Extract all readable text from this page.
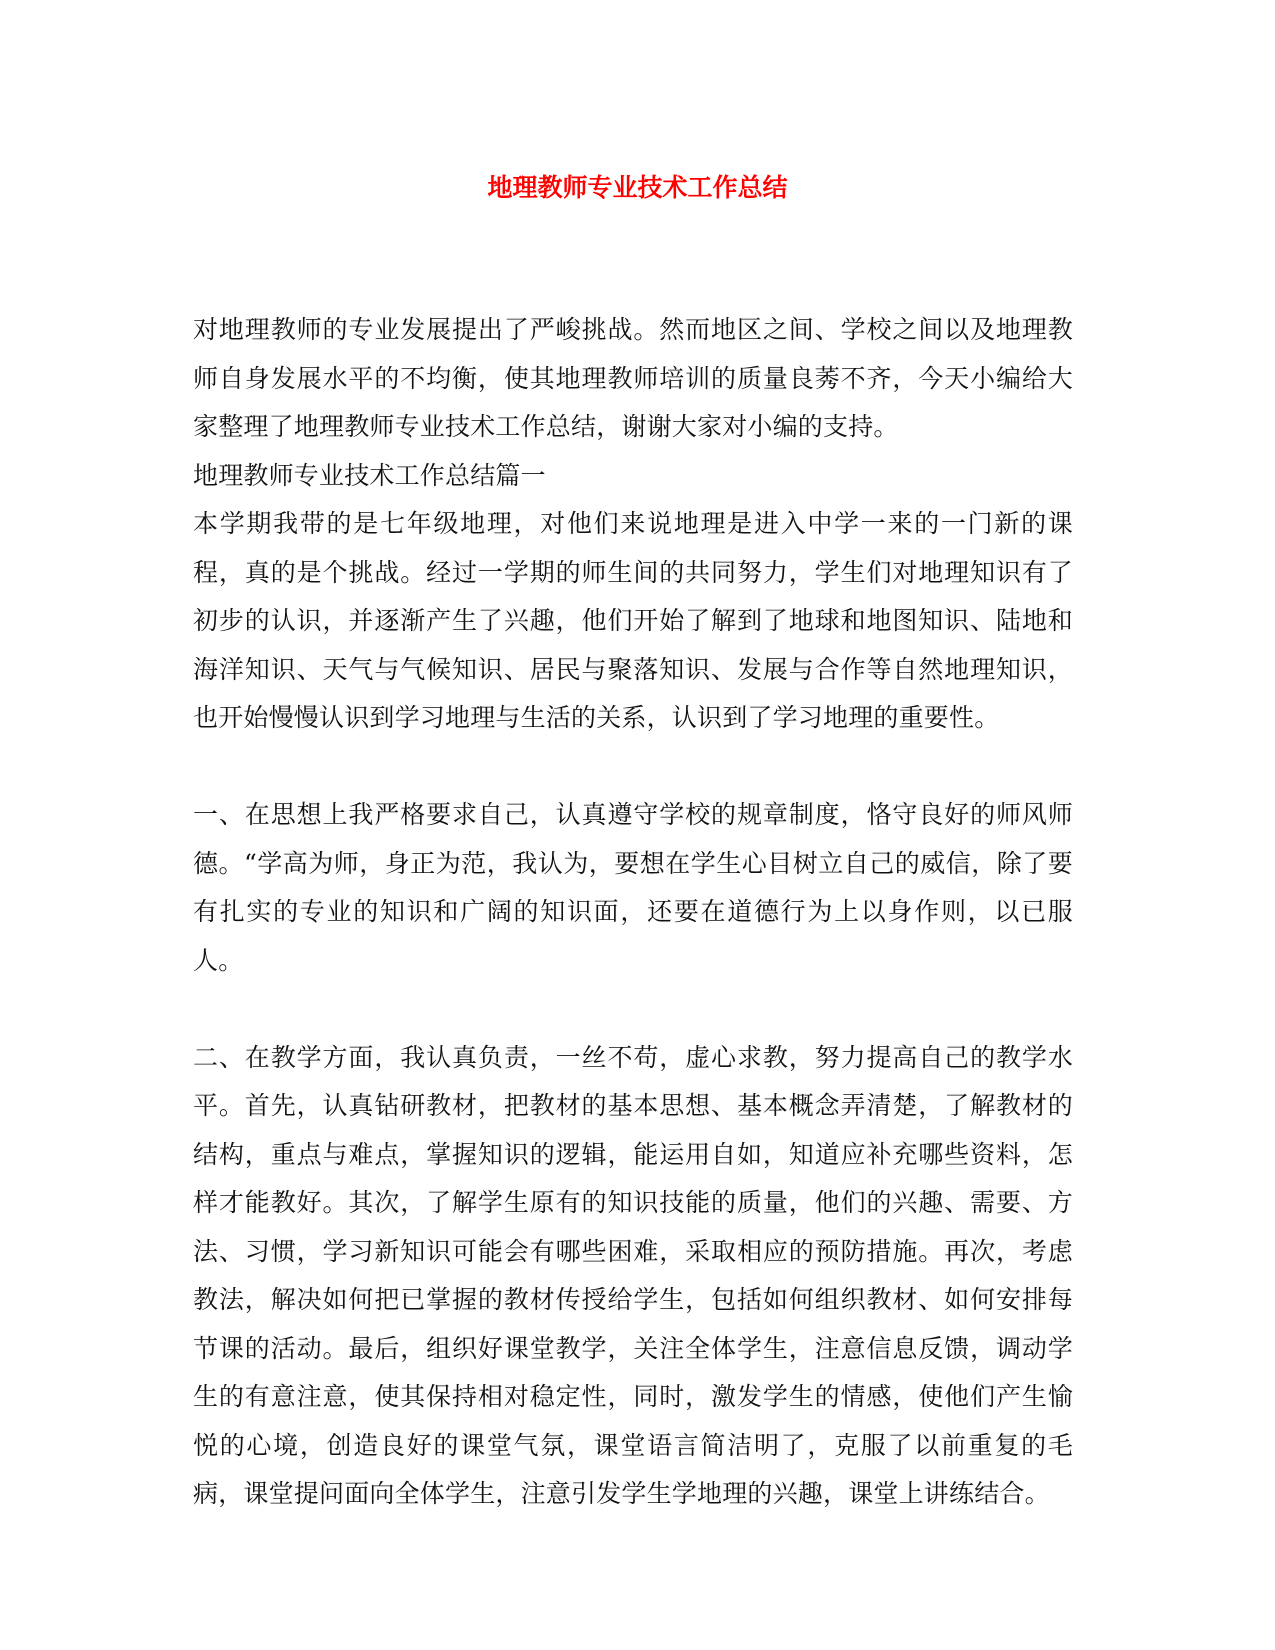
地理教师专业技术工作总结

对地理教师的专业发展提出了严峻挑战。然而地区之间、学校之间以及地理教师自身发展水平的不均衡，使其地理教师培训的质量良莠不齐，今天小编给大家整理了地理教师专业技术工作总结，谢谢大家对小编的支持。

地理教师专业技术工作总结篇一

本学期我带的是七年级地理，对他们来说地理是进入中学一来的一门新的课程，真的是个挑战。经过一学期的师生间的共同努力，学生们对地理知识有了初步的认识，并逐渐产生了兴趣，他们开始了解到了地球和地图知识、陆地和海洋知识、天气与气候知识、居民与聚落知识、发展与合作等自然地理知识，也开始慢慢认识到学习地理与生活的关系，认识到了学习地理的重要性。

一、在思想上我严格要求自己，认真遵守学校的规章制度，恪守良好的师风师德。“学高为师，身正为范，我认为，要想在学生心目树立自己的威信，除了要有扎实的专业的知识和广阔的知识面，还要在道德行为上以身作则，以已服人。

二、在教学方面，我认真负责，一丝不苟，虚心求教，努力提高自己的教学水平。首先，认真钻研教材，把教材的基本思想、基本概念弄清楚，了解教材的结构，重点与难点，掌握知识的逻辑，能运用自如，知道应补充哪些资料，怎样才能教好。其次，了解学生原有的知识技能的质量，他们的兴趣、需要、方法、习惯，学习新知识可能会有哪些困难，采取相应的预防措施。再次，考虑教法，解决如何把已掌握的教材传授给学生，包括如何组织教材、如何安排每节课的活动。最后，组织好课堂教学，关注全体学生，注意信息反馈，调动学生的有意注意，使其保持相对稳定性，同时，激发学生的情感，使他们产生愉悦的心境，创造良好的课堂气氛，课堂语言简洁明了，克服了以前重复的毛病，课堂提问面向全体学生，注意引发学生学地理的兴趣，课堂上讲练结合。
